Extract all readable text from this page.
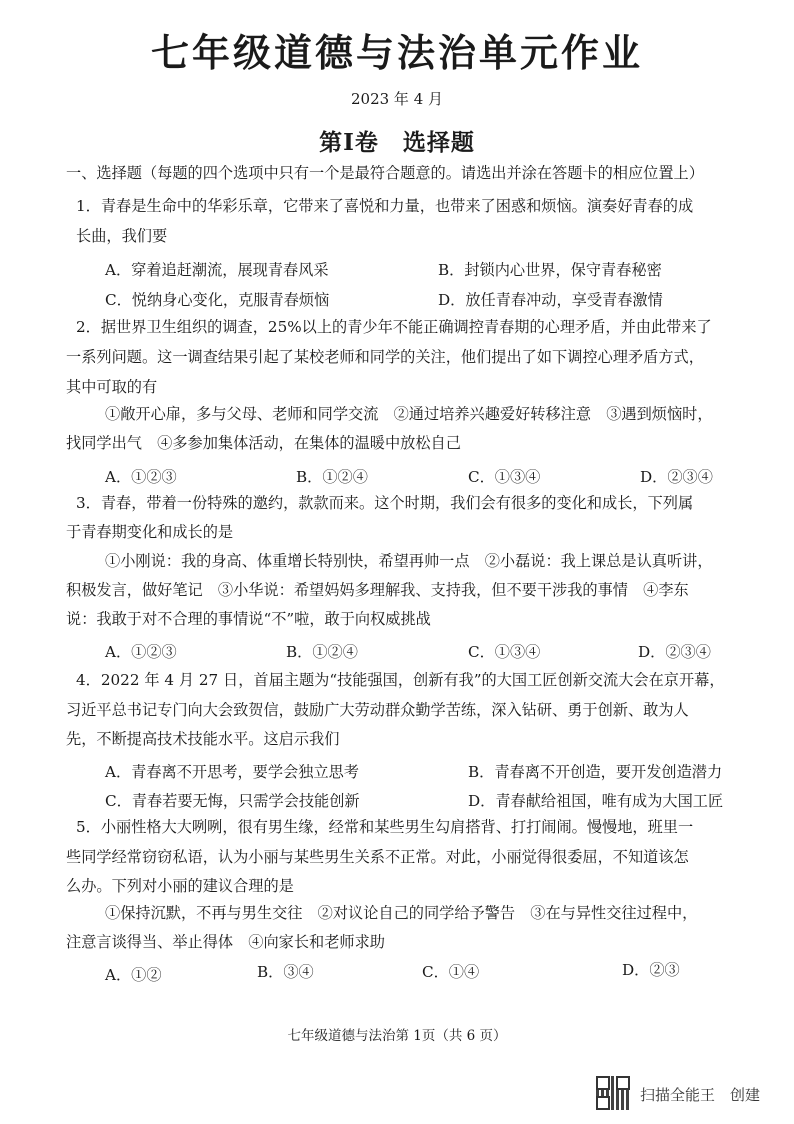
七年级道德与法治单元作业
2023 年 4 月
第Ⅰ卷　选择题
一、选择题（每题的四个选项中只有一个是最符合题意的。请选出并涂在答题卡的相应位置上）
1．青春是生命中的华彩乐章，它带来了喜悦和力量，也带来了困惑和烦恼。演奏好青春的成
长曲，我们要
A．穿着追赶潮流，展现青春风采	B．封锁内心世界，保守青春秘密
C．悦纳身心变化，克服青春烦恼	D．放任青春冲动，享受青春激情
2．据世界卫生组织的调查，25%以上的青少年不能正确调控青春期的心理矛盾，并由此带来了
一系列问题。这一调查结果引起了某校老师和同学的关注，他们提出了如下调控心理矛盾方式，
其中可取的有
①敞开心扉，多与父母、老师和同学交流　②通过培养兴趣爱好转移注意　③遇到烦恼时，
找同学出气　④多参加集体活动，在集体的温暖中放松自己
A．①②③	B．①②④	C．①③④	D．②③④
3．青春，带着一份特殊的邀约，款款而来。这个时期，我们会有很多的变化和成长，下列属
于青春期变化和成长的是
①小刚说：我的身高、体重增长特别快，希望再帅一点　②小磊说：我上课总是认真听讲，
积极发言，做好笔记　③小华说：希望妈妈多理解我、支持我，但不要干涉我的事情　④李东
说：我敢于对不合理的事情说“不”啦，敢于向权威挑战
A．①②③	B．①②④	C．①③④	D．②③④
4．2022 年 4 月 27 日，首届主题为“技能强国，创新有我”的大国工匠创新交流大会在京开幕，
习近平总书记专门向大会致贺信，鼓励广大劳动群众勤学苦练，深入钻研、勇于创新、敢为人
先，不断提高技术技能水平。这启示我们
A．青春离不开思考，要学会独立思考	B．青春离不开创造，要开发创造潜力
C．青春若要无悔，只需学会技能创新	D．青春献给祖国，唯有成为大国工匠
5．小丽性格大大咧咧，很有男生缘，经常和某些男生勾肩搭背、打打闹闹。慢慢地，班里一
些同学经常窃窃私语，认为小丽与某些男生关系不正常。对此，小丽觉得很委屈，不知道该怎
么办。下列对小丽的建议合理的是
①保持沉默，不再与男生交往　②对议论自己的同学给予警告　③在与异性交往过程中，
注意言谈得当、举止得体　④向家长和老师求助
A．①②	B．③④	C．①④	D．②③
七年级道德与法治第 1页（共 6 页）
扫描全能王　创建
